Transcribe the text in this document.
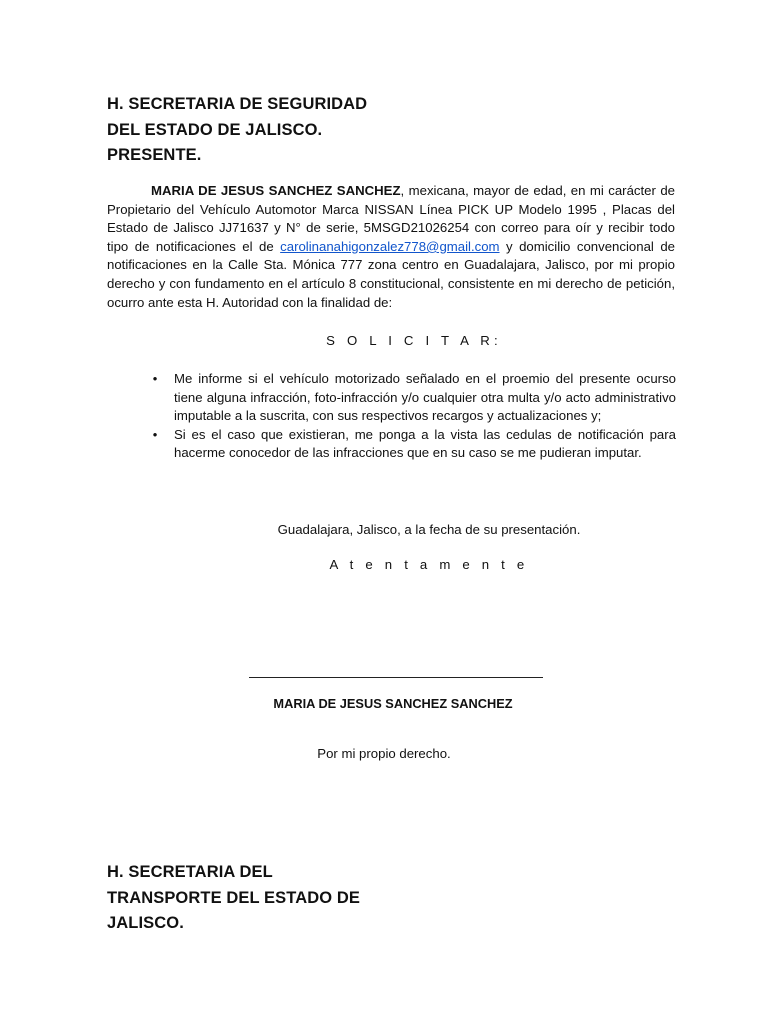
H. SECRETARIA DE SEGURIDAD
DEL ESTADO DE JALISCO.
PRESENTE.

MARIA DE JESUS SANCHEZ SANCHEZ, mexicana, mayor de edad, en mi carácter de Propietario del Vehículo Automotor Marca NISSAN Línea PICK UP Modelo 1995 , Placas del Estado de Jalisco JJ71637 y N° de serie, 5MSGD21026254 con correo para oír y recibir todo tipo de notificaciones el de carolinanahigonzalez778@gmail.com y domicilio convencional de notificaciones en la Calle Sta. Mónica 777 zona centro en Guadalajara, Jalisco, por mi propio derecho y con fundamento en el artículo 8 constitucional, consistente en mi derecho de petición, ocurro ante esta H. Autoridad con la finalidad de:

S O L I C I T A R:

• Me informe si el vehículo motorizado señalado en el proemio del presente ocurso tiene alguna infracción, foto-infracción y/o cualquier otra multa y/o acto administrativo imputable a la suscrita, con sus respectivos recargos y actualizaciones y;
• Si es el caso que existieran, me ponga a la vista las cedulas de notificación para hacerme conocedor de las infracciones que en su caso se me pudieran imputar.

Guadalajara, Jalisco, a la fecha de su presentación.

A t e n t a m e n t e

MARIA DE JESUS SANCHEZ SANCHEZ

Por mi propio derecho.

H. SECRETARIA DEL
TRANSPORTE DEL ESTADO DE
JALISCO.
